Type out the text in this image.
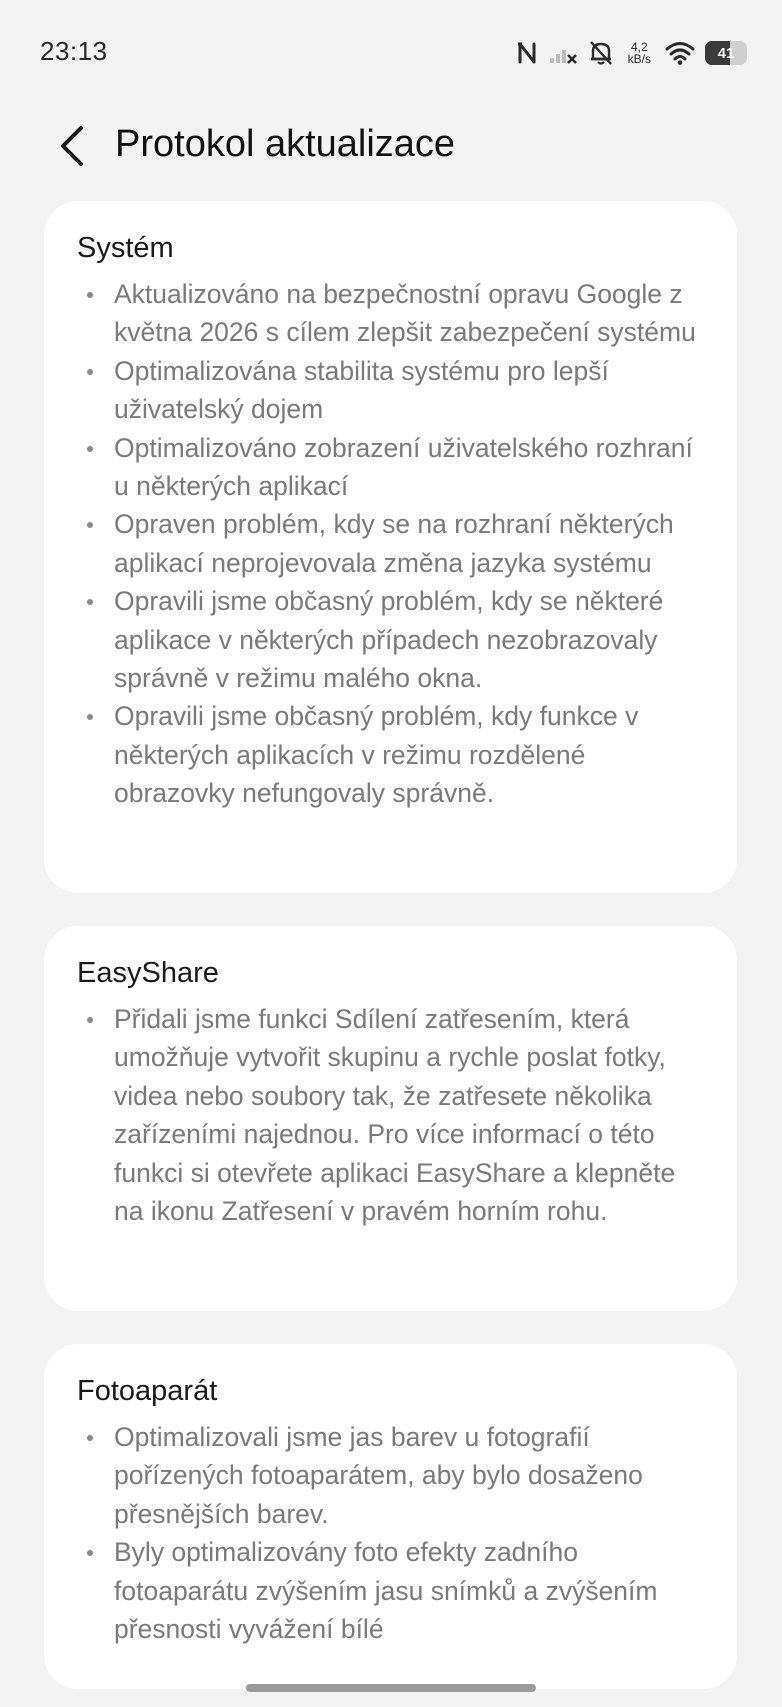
23:13	4,2
kB/s	41
Protokol aktualizace
Systém
Aktualizováno na bezpečnostní opravu Google z května 2026 s cílem zlepšit zabezpečení systému
Optimalizována stabilita systému pro lepší uživatelský dojem
Optimalizováno zobrazení uživatelského rozhraní u některých aplikací
Opraven problém, kdy se na rozhraní některých aplikací neprojevovala změna jazyka systému
Opravili jsme občasný problém, kdy se některé aplikace v některých případech nezobrazovaly správně v režimu malého okna.
Opravili jsme občasný problém, kdy funkce v některých aplikacích v režimu rozdělené obrazovky nefungovaly správně.
EasyShare
Přidali jsme funkci Sdílení zatřesením, která umožňuje vytvořit skupinu a rychle poslat fotky, videa nebo soubory tak, že zatřesete několika zařízeními najednou. Pro více informací o této funkci si otevřete aplikaci EasyShare a klepněte na ikonu Zatřesení v pravém horním rohu.
Fotoaparát
Optimalizovali jsme jas barev u fotografií pořízených fotoaparátem, aby bylo dosaženo přesnějších barev.
Byly optimalizovány foto efekty zadního fotoaparátu zvýšením jasu snímků a zvýšením přesnosti vyvážení bílé
